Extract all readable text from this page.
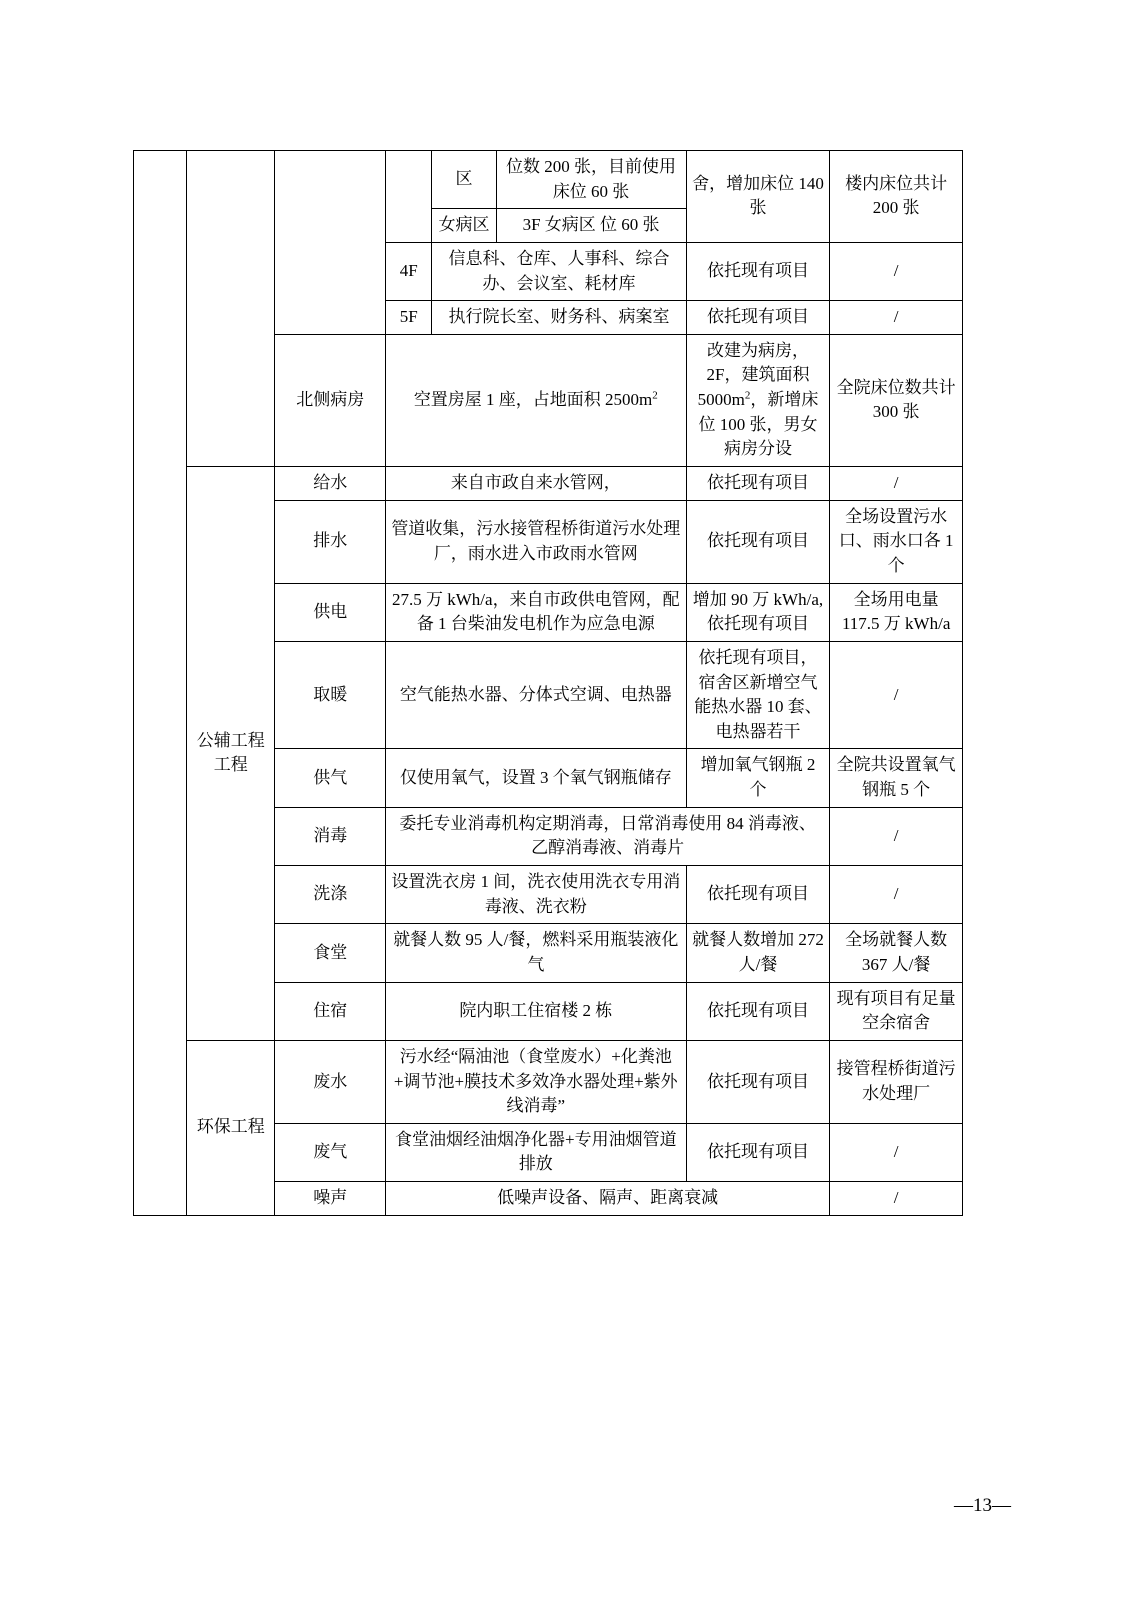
				区	位数 200 张，目前使用床位 60 张	舍，增加床位 140 张	楼内床位共计 200 张
				女病区	3F 女病区 位 60 张		
			4F	信息科、仓库、人事科、综合办、会议室、耗材库		依托现有项目	/
			5F	执行院长室、财务科、病案室		依托现有项目	/
		北侧病房	空置房屋 1 座，占地面积 $2500m^2$			改建为病房，2F，建筑面积 $5000m^2$，新增床位 100 张，男女病房分设	全院床位数共计 300 张
	公辅工程工程	给水	来自市政自来水管网，			依托现有项目	/
		排水	管道收集，污水接管程桥街道污水处理厂，雨水进入市政雨水管网			依托现有项目	全场设置污水口、雨水口各 1 个
		供电	27.5 万 kWh/a，来自市政供电管网，配备 1 台柴油发电机作为应急电源			增加 90 万 kWh/a,依托现有项目	全场用电量 117.5 万 kWh/a
		取暖	空气能热水器、分体式空调、电热器			依托现有项目，宿舍区新增空气能热水器 10 套、电热器若干	/
		供气	仅使用氧气，设置 3 个氧气钢瓶储存			增加氧气钢瓶 2 个	全院共设置氧气钢瓶 5 个
		消毒	委托专业消毒机构定期消毒，日常消毒使用 84 消毒液、乙醇消毒液、消毒片				/
		洗涤	设置洗衣房 1 间，洗衣使用洗衣专用消毒液、洗衣粉			依托现有项目	/
		食堂	就餐人数 95 人/餐，燃料采用瓶装液化气			就餐人数增加 272 人/餐	全场就餐人数 367 人/餐
		住宿	院内职工住宿楼 2 栋			依托现有项目	现有项目有足量空余宿舍
	环保工程	废水	污水经“隔油池（食堂废水）+化粪池+调节池+膜技术多效净水器处理+紫外线消毒”			依托现有项目	接管程桥街道污水处理厂
		废气	食堂油烟经油烟净化器+专用油烟管道排放			依托现有项目	/
		噪声	低噪声设备、隔声、距离衰减				/
—13—
